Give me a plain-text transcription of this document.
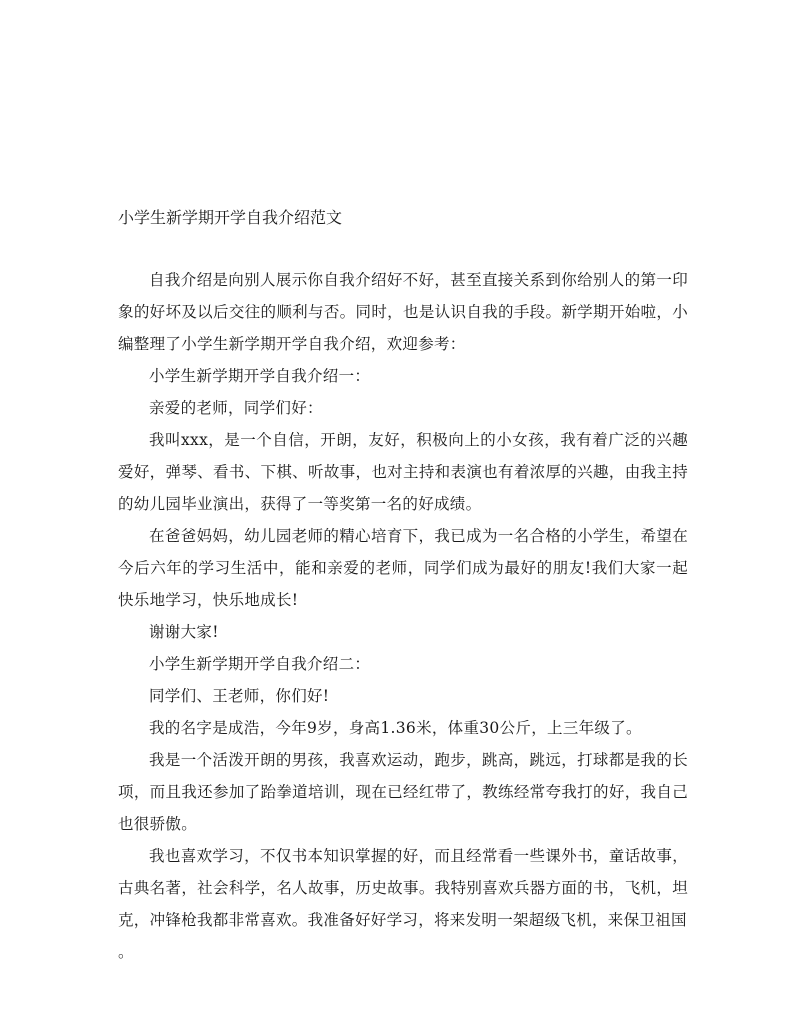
小学生新学期开学自我介绍范文

自我介绍是向别人展示你自我介绍好不好，甚至直接关系到你给别人的第一印象的好坏及以后交往的顺利与否。同时，也是认识自我的手段。新学期开始啦，小编整理了小学生新学期开学自我介绍，欢迎参考：

小学生新学期开学自我介绍一：

亲爱的老师，同学们好：

我叫xxx，是一个自信，开朗，友好，积极向上的小女孩，我有着广泛的兴趣爱好，弹琴、看书、下棋、听故事，也对主持和表演也有着浓厚的兴趣，由我主持的幼儿园毕业演出，获得了一等奖第一名的好成绩。

在爸爸妈妈，幼儿园老师的精心培育下，我已成为一名合格的小学生，希望在今后六年的学习生活中，能和亲爱的老师，同学们成为最好的朋友!我们大家一起快乐地学习，快乐地成长!

谢谢大家!

小学生新学期开学自我介绍二：

同学们、王老师，你们好!

我的名字是成浩，今年9岁，身高1.36米，体重30公斤，上三年级了。

我是一个活泼开朗的男孩，我喜欢运动，跑步，跳高，跳远，打球都是我的长项，而且我还参加了跆拳道培训，现在已经红带了，教练经常夸我打的好，我自己也很骄傲。

我也喜欢学习，不仅书本知识掌握的好，而且经常看一些课外书，童话故事，古典名著，社会科学，名人故事，历史故事。我特别喜欢兵器方面的书，飞机，坦克，冲锋枪我都非常喜欢。我准备好好学习，将来发明一架超级飞机，来保卫祖国

。
